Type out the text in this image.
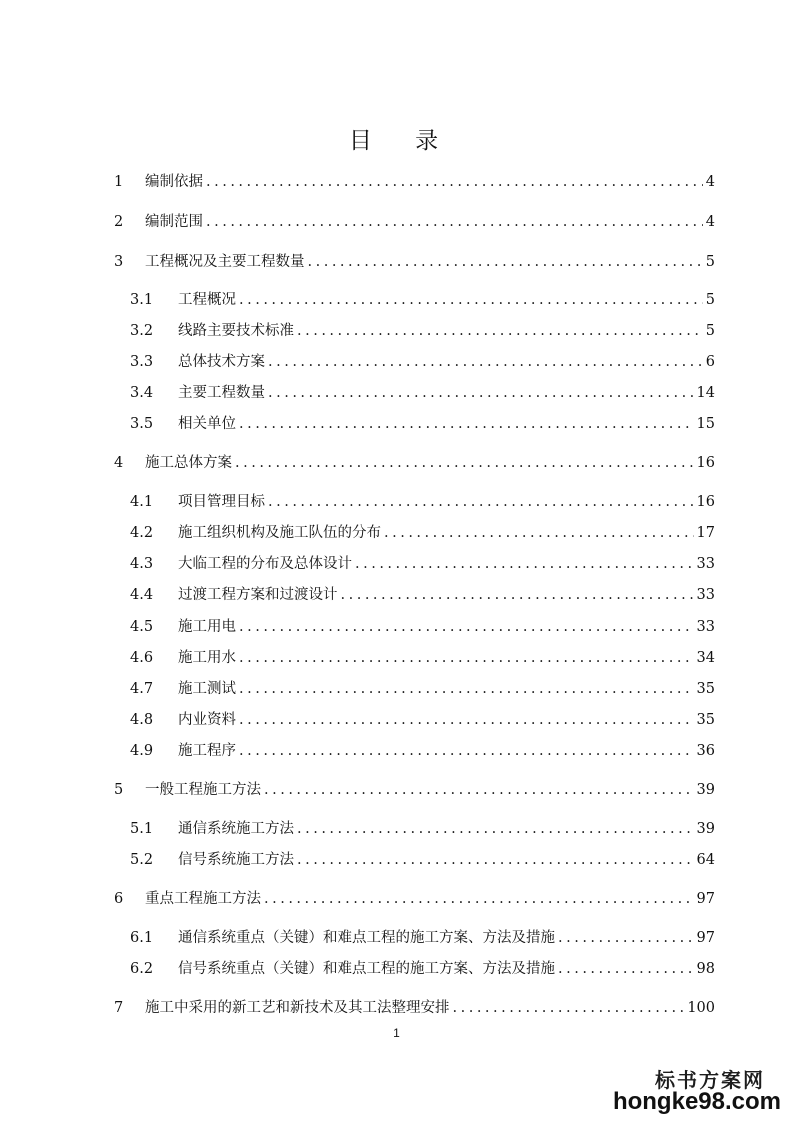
目 录
1	编制依据 .....	4
2	编制范围 .....	4
3	工程概况及主要工程数量 .....	5
3.1	工程概况 .....	5
3.2	线路主要技术标准 .....	5
3.3	总体技术方案 .....	6
3.4	主要工程数量 .....	14
3.5	相关单位 .....	15
4	施工总体方案 .....	16
4.1	项目管理目标 .....	16
4.2	施工组织机构及施工队伍的分布 .....	17
4.3	大临工程的分布及总体设计 .....	33
4.4	过渡工程方案和过渡设计 .....	33
4.5	施工用电 .....	33
4.6	施工用水 .....	34
4.7	施工测试 .....	35
4.8	内业资料 .....	35
4.9	施工程序 .....	36
5	一般工程施工方法 .....	39
5.1	通信系统施工方法 .....	39
5.2	信号系统施工方法 .....	64
6	重点工程施工方法 .....	97
6.1	通信系统重点（关键）和难点工程的施工方案、方法及措施 .....	97
6.2	信号系统重点（关键）和难点工程的施工方案、方法及措施 .....	98
7	施工中采用的新工艺和新技术及其工法整理安排 .....	100
1
标书方案网
hongke98.com
